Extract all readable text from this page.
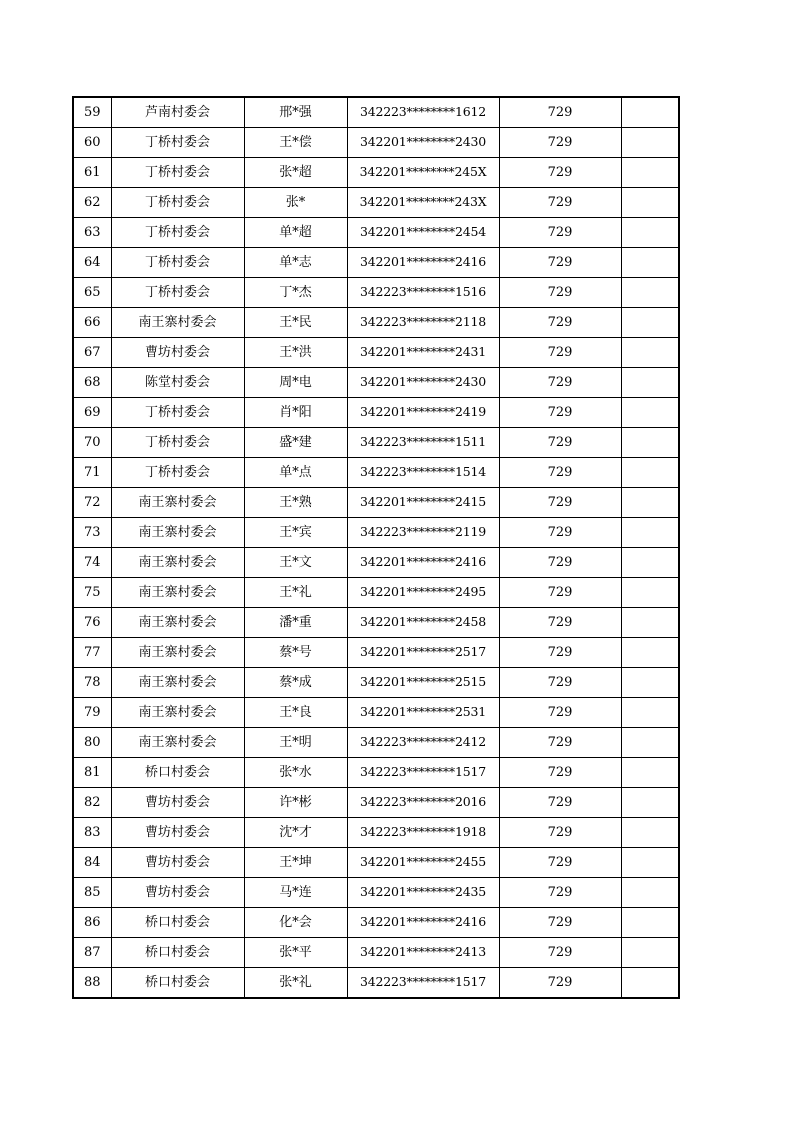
59	芦南村委会	邢*强	342223********1612	729	
60	丁桥村委会	王*偿	342201********2430	729	
61	丁桥村委会	张*超	342201********245X	729	
62	丁桥村委会	张*	342201********243X	729	
63	丁桥村委会	单*超	342201********2454	729	
64	丁桥村委会	单*志	342201********2416	729	
65	丁桥村委会	丁*杰	342223********1516	729	
66	南王寨村委会	王*民	342223********2118	729	
67	曹坊村委会	王*洪	342201********2431	729	
68	陈堂村委会	周*电	342201********2430	729	
69	丁桥村委会	肖*阳	342201********2419	729	
70	丁桥村委会	盛*建	342223********1511	729	
71	丁桥村委会	单*点	342223********1514	729	
72	南王寨村委会	王*熟	342201********2415	729	
73	南王寨村委会	王*宾	342223********2119	729	
74	南王寨村委会	王*文	342201********2416	729	
75	南王寨村委会	王*礼	342201********2495	729	
76	南王寨村委会	潘*重	342201********2458	729	
77	南王寨村委会	蔡*号	342201********2517	729	
78	南王寨村委会	蔡*成	342201********2515	729	
79	南王寨村委会	王*良	342201********2531	729	
80	南王寨村委会	王*明	342223********2412	729	
81	桥口村委会	张*水	342223********1517	729	
82	曹坊村委会	许*彬	342223********2016	729	
83	曹坊村委会	沈*才	342223********1918	729	
84	曹坊村委会	王*坤	342201********2455	729	
85	曹坊村委会	马*连	342201********2435	729	
86	桥口村委会	化*会	342201********2416	729	
87	桥口村委会	张*平	342201********2413	729	
88	桥口村委会	张*礼	342223********1517	729	
